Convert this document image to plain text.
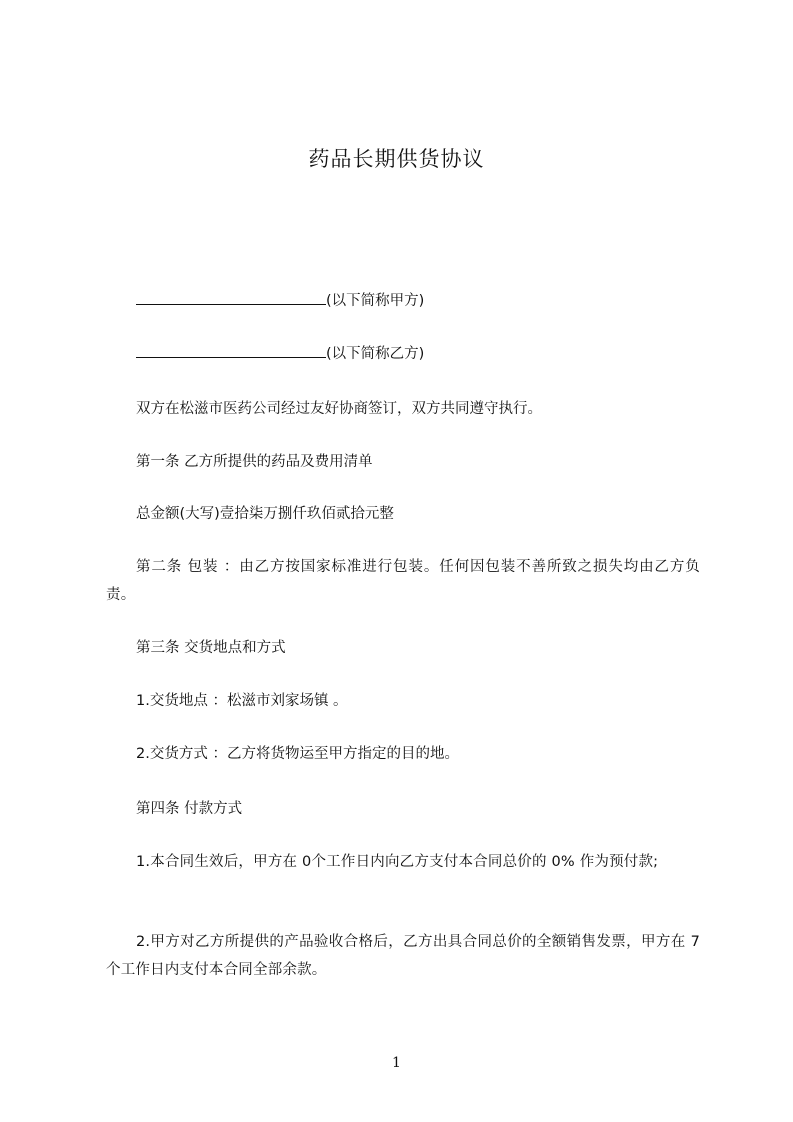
药品长期供货协议
(以下简称甲方)
(以下简称乙方)
双方在松滋市医药公司经过友好协商签订，双方共同遵守执行。
第一条 乙方所提供的药品及费用清单
总金额(大写)壹拾柒万捌仟玖佰贰拾元整
第二条 包装 ：由乙方按国家标准进行包装。任何因包装不善所致之损失均由乙方负责。
第三条 交货地点和方式
1.交货地点 ：松滋市刘家场镇 。
2.交货方式 ：乙方将货物运至甲方指定的目的地。
第四条 付款方式
1.本合同生效后，甲方在 0个工作日内向乙方支付本合同总价的 0% 作为预付款;
2.甲方对乙方所提供的产品验收合格后，乙方出具合同总价的全额销售发票，甲方在 7 个工作日内支付本合同全部余款。
1
